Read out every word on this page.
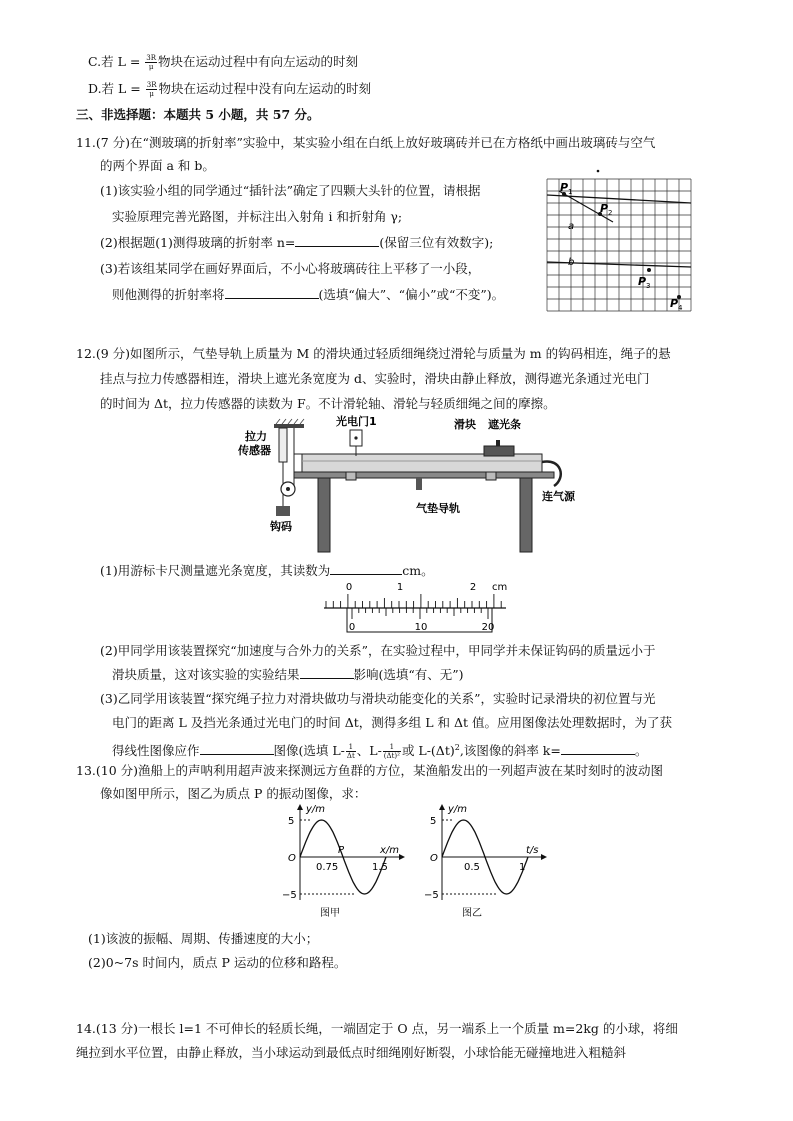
C.若 $L = \frac{3R}{\mu}$ 物块在运动过程中有向左运动的时刻
D.若 $L = \frac{3R}{\mu}$ 物块在运动过程中没有向左运动的时刻
三、非选择题：本题共 5 小题，共 57 分。
11.(7 分)在“测玻璃的折射率”实验中，某实验小组在白纸上放好玻璃砖并已在方格纸中画出玻璃砖与空气
的两个界面 a 和 b。
(1)该实验小组的同学通过“插针法”确定了四颗大头针的位置，请根据
实验原理完善光路图，并标注出入射角 i 和折射角 γ;
(2)根据题(1)测得玻璃的折射率 n=	(保留三位有效数字);
(3)若该组某同学在画好界面后，不小心将玻璃砖往上平移了一小段，
则他测得的折射率将	(选填“偏大”、“偏小”或“不变”)。
P 1
P 2
P 3
P 4
a
b
12.(9 分)如图所示，气垫导轨上质量为 M 的滑块通过轻质细绳绕过滑轮与质量为 m 的钩码相连，绳子的悬
挂点与拉力传感器相连，滑块上遮光条宽度为 d、实验时，滑块由静止释放，测得遮光条通过光电门
的时间为 Δt，拉力传感器的读数为 F。不计滑轮轴、滑轮与轻质细绳之间的摩擦。
拉力
传感器
钩码
光电门1	滑块 遮光条
连气源
气垫导轨
(1)用游标卡尺测量遮光条宽度，其读数为	cm。
0	1	2 cm
0	10	20
(2)甲同学用该装置探究“加速度与合外力的关系”，在实验过程中，甲同学并未保证钩码的质量远小于
滑块质量，这对该实验的实验结果	影响(选填“有、无”)
(3)乙同学用该装置“探究绳子拉力对滑块做功与滑块动能变化的关系”，实验时记录滑块的初位置与光
电门的距离 L 及挡光条通过光电门的时间 Δt，测得多组 L 和 Δt 值。应用图像法处理数据时，为了获
得线性图像应作	图像(选填 $L- \frac{1}{\Delta t}$ 、$L- \frac{1}{\text{(Δt)²}}$ 或 $L-(\Delta t)^2$,该图像的斜率 k=	。
13.(10 分)渔船上的声呐利用超声波来探测远方鱼群的方位，某渔船发出的一列超声波在某时刻时的波动图
像如图甲所示，图乙为质点 P 的振动图像，求：
y/m
x/m
5
−5
O
0.75	1.5
P
图甲
y/m
t/s
5
−5
O
0.5	1
图乙
(1)该波的振幅、周期、传播速度的大小；
(2)0~7s 时间内，质点 P 运动的位移和路程。
14.(13 分)一根长 l=1 不可伸长的轻质长绳，一端固定于 O 点，另一端系上一个质量 m=2kg 的小球，将细
绳拉到水平位置，由静止释放，当小球运动到最低点时细绳刚好断裂，小球恰能无碰撞地进入粗糙斜
